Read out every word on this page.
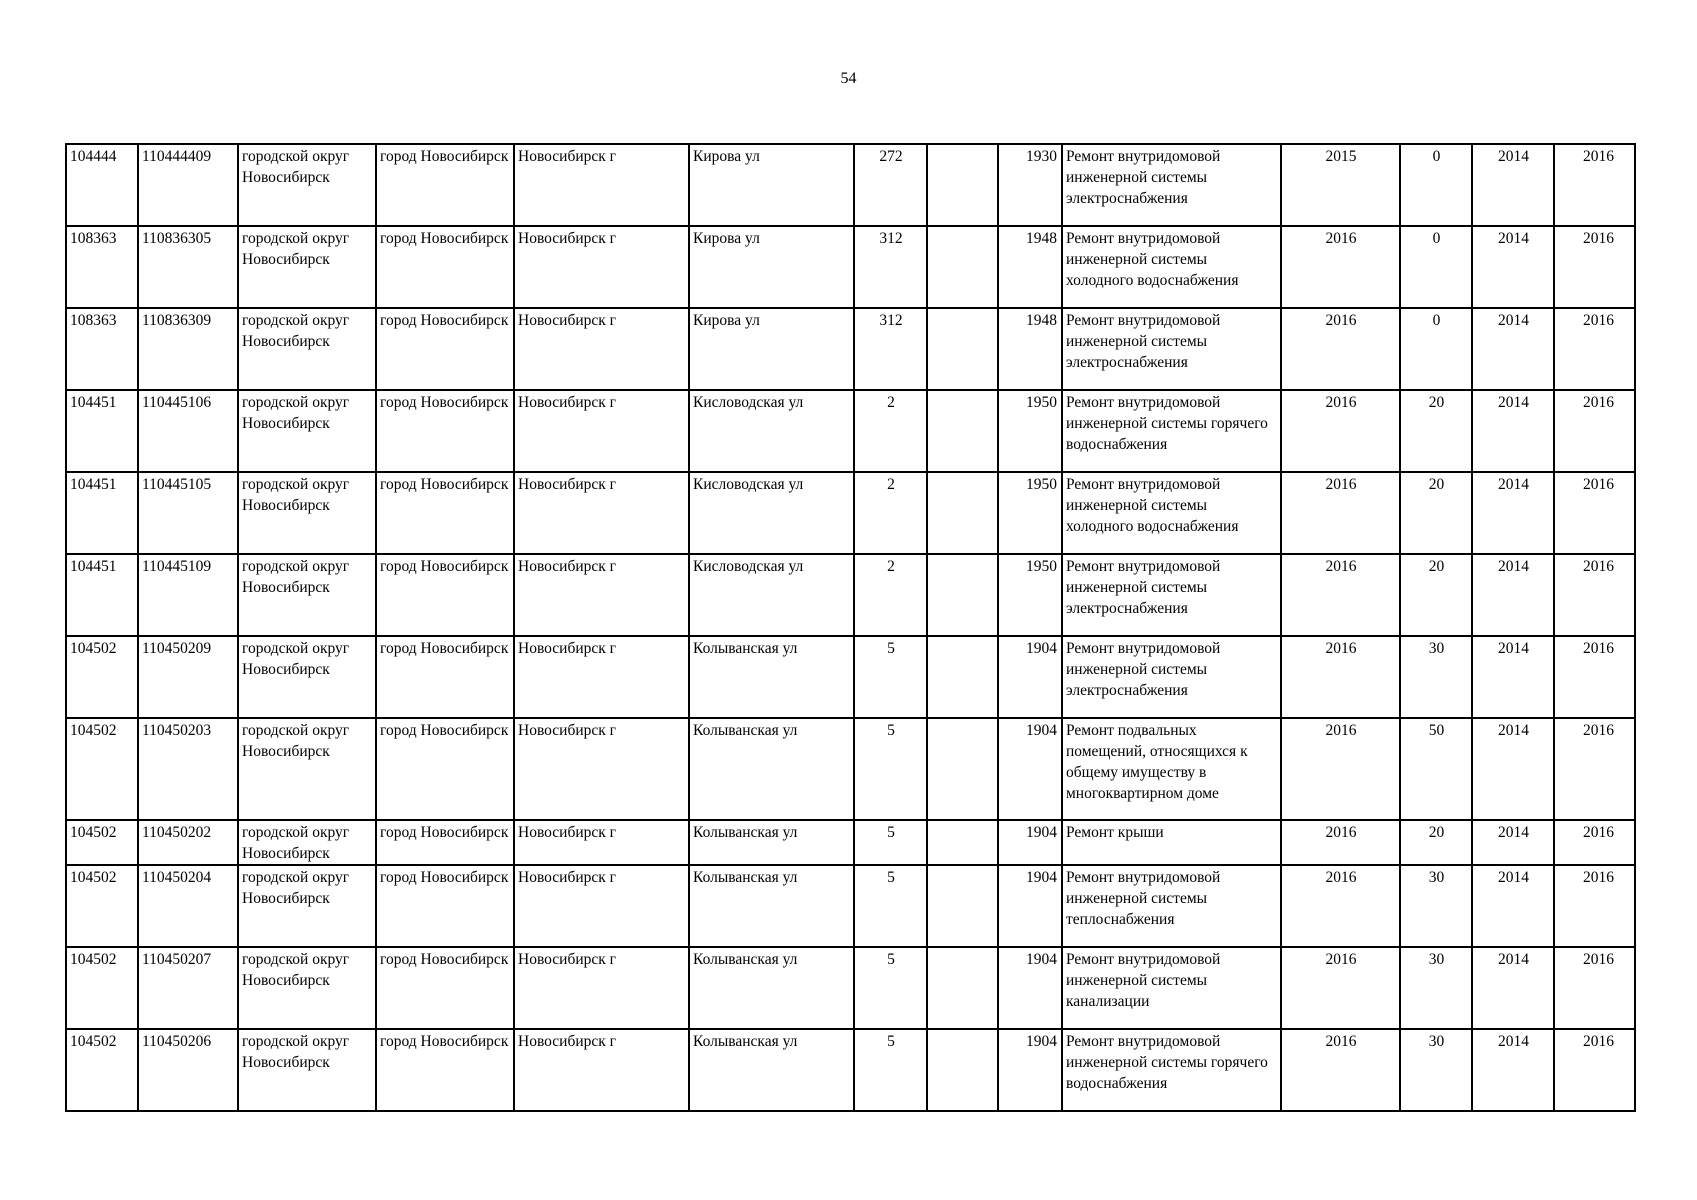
54
104444	110444409	городской округ Новосибирск	город Новосибирск	Новосибирск г	Кирова ул	272		1930	Ремонт внутридомовой инженерной системы электроснабжения	2015	0	2014	2016
108363	110836305	городской округ Новосибирск	город Новосибирск	Новосибирск г	Кирова ул	312		1948	Ремонт внутридомовой инженерной системы холодного водоснабжения	2016	0	2014	2016
108363	110836309	городской округ Новосибирск	город Новосибирск	Новосибирск г	Кирова ул	312		1948	Ремонт внутридомовой инженерной системы электроснабжения	2016	0	2014	2016
104451	110445106	городской округ Новосибирск	город Новосибирск	Новосибирск г	Кисловодская ул	2		1950	Ремонт внутридомовой инженерной системы горячего водоснабжения	2016	20	2014	2016
104451	110445105	городской округ Новосибирск	город Новосибирск	Новосибирск г	Кисловодская ул	2		1950	Ремонт внутридомовой инженерной системы холодного водоснабжения	2016	20	2014	2016
104451	110445109	городской округ Новосибирск	город Новосибирск	Новосибирск г	Кисловодская ул	2		1950	Ремонт внутридомовой инженерной системы электроснабжения	2016	20	2014	2016
104502	110450209	городской округ Новосибирск	город Новосибирск	Новосибирск г	Колыванская ул	5		1904	Ремонт внутридомовой инженерной системы электроснабжения	2016	30	2014	2016
104502	110450203	городской округ Новосибирск	город Новосибирск	Новосибирск г	Колыванская ул	5		1904	Ремонт подвальных помещений, относящихся к общему имуществу в многоквартирном доме	2016	50	2014	2016
104502	110450202	городской округ Новосибирск	город Новосибирск	Новосибирск г	Колыванская ул	5		1904	Ремонт крыши	2016	20	2014	2016
104502	110450204	городской округ Новосибирск	город Новосибирск	Новосибирск г	Колыванская ул	5		1904	Ремонт внутридомовой инженерной системы теплоснабжения	2016	30	2014	2016
104502	110450207	городской округ Новосибирск	город Новосибирск	Новосибирск г	Колыванская ул	5		1904	Ремонт внутридомовой инженерной системы канализации	2016	30	2014	2016
104502	110450206	городской округ Новосибирск	город Новосибирск	Новосибирск г	Колыванская ул	5		1904	Ремонт внутридомовой инженерной системы горячего водоснабжения	2016	30	2014	2016
